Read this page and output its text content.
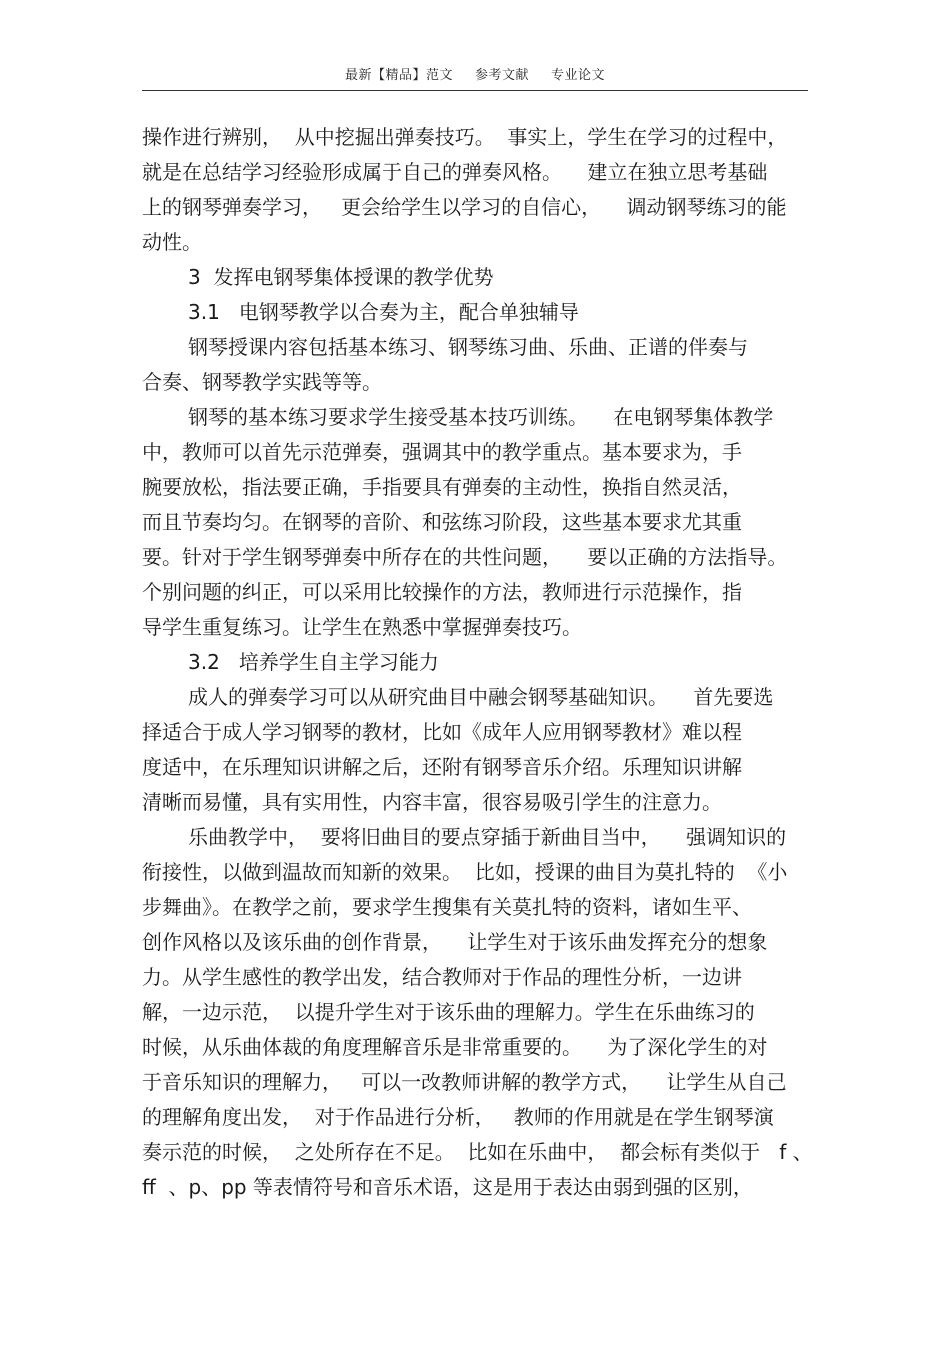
最新【精品】范文 参考文献 专业论文
操作进行辨别，  从中挖掘出弹奏技巧。  事实上，学生在学习的过程中，
就是在总结学习经验形成属于自己的弹奏风格。    建立在独立思考基础
上的钢琴弹奏学习，   更会给学生以学习的自信心，    调动钢琴练习的能
动性。
3  发挥电钢琴集体授课的教学优势
3.1   电钢琴教学以合奏为主，配合单独辅导
钢琴授课内容包括基本练习、钢琴练习曲、乐曲、正谱的伴奏与
合奏、钢琴教学实践等等。
钢琴的基本练习要求学生接受基本技巧训练。    在电钢琴集体教学
中，教师可以首先示范弹奏，强调其中的教学重点。基本要求为，手
腕要放松，指法要正确，手指要具有弹奏的主动性，换指自然灵活，
而且节奏均匀。在钢琴的音阶、和弦练习阶段，这些基本要求尤其重
要。针对于学生钢琴弹奏中所存在的共性问题，    要以正确的方法指导。
个别问题的纠正，可以采用比较操作的方法，教师进行示范操作，指
导学生重复练习。让学生在熟悉中掌握弹奏技巧。
3.2   培养学生自主学习能力
成人的弹奏学习可以从研究曲目中融会钢琴基础知识。    首先要选
择适合于成人学习钢琴的教材，比如《成年人应用钢琴教材》难以程
度适中，在乐理知识讲解之后，还附有钢琴音乐介绍。乐理知识讲解
清晰而易懂，具有实用性，内容丰富，很容易吸引学生的注意力。
乐曲教学中，  要将旧曲目的要点穿插于新曲目当中，    强调知识的
衔接性，以做到温故而知新的效果。  比如，授课的曲目为莫扎特的  《小
步舞曲》。在教学之前，要求学生搜集有关莫扎特的资料，诸如生平、
创作风格以及该乐曲的创作背景，    让学生对于该乐曲发挥充分的想象
力。从学生感性的教学出发，结合教师对于作品的理性分析，一边讲
解，一边示范，  以提升学生对于该乐曲的理解力。学生在乐曲练习的
时候，从乐曲体裁的角度理解音乐是非常重要的。    为了深化学生的对
于音乐知识的理解力，   可以一改教师讲解的教学方式，    让学生从自己
的理解角度出发，  对于作品进行分析，   教师的作用就是在学生钢琴演
奏示范的时候，  之处所存在不足。  比如在乐曲中，  都会标有类似于   f 、
ff  、p、pp 等表情符号和音乐术语，这是用于表达由弱到强的区别，
